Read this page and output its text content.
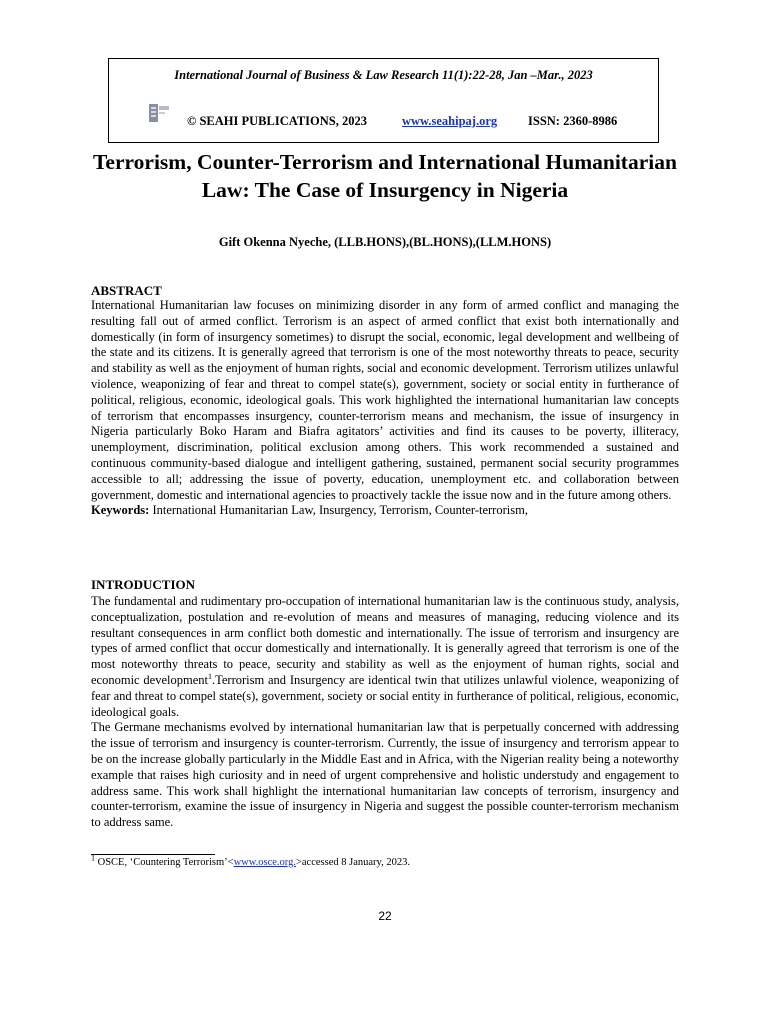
International Journal of Business & Law Research 11(1):22-28, Jan –Mar., 2023
© SEAHI PUBLICATIONS, 2023	www.seahipaj.org ISSN: 2360-8986
Terrorism, Counter-Terrorism and International Humanitarian Law: The Case of Insurgency in Nigeria
Gift Okenna Nyeche, (LLB.HONS),(BL.HONS),(LLM.HONS)
ABSTRACT
International Humanitarian law focuses on minimizing disorder in any form of armed conflict and managing the resulting fall out of armed conflict. Terrorism is an aspect of armed conflict that exist both internationally and domestically (in form of insurgency sometimes) to disrupt the social, economic, legal development and wellbeing of the state and its citizens. It is generally agreed that terrorism is one of the most noteworthy threats to peace, security and stability as well as the enjoyment of human rights, social and economic development. Terrorism utilizes unlawful violence, weaponizing of fear and threat to compel state(s), government, society or social entity in furtherance of political, religious, economic, ideological goals. This work highlighted the international humanitarian law concepts of terrorism that encompasses insurgency, counter-terrorism means and mechanism, the issue of insurgency in Nigeria particularly Boko Haram and Biafra agitators’ activities and find its causes to be poverty, illiteracy, unemployment, discrimination, political exclusion among others. This work recommended a sustained and continuous community-based dialogue and intelligent gathering, sustained, permanent social security programmes accessible to all; addressing the issue of poverty, education, unemployment etc. and collaboration between government, domestic and international agencies to proactively tackle the issue now and in the future among others.
Keywords: International Humanitarian Law, Insurgency, Terrorism, Counter-terrorism,
INTRODUCTION
The fundamental and rudimentary pro-occupation of international humanitarian law is the continuous study, analysis, conceptualization, postulation and re-evolution of means and measures of managing, reducing violence and its resultant consequences in arm conflict both domestic and internationally. The issue of terrorism and insurgency are types of armed conflict that occur domestically and internationally. It is generally agreed that terrorism is one of the most noteworthy threats to peace, security and stability as well as the enjoyment of human rights, social and economic development$^1$.Terrorism and Insurgency are identical twin that utilizes unlawful violence, weaponizing of fear and threat to compel state(s), government, society or social entity in furtherance of political, religious, economic, ideological goals.
The Germane mechanisms evolved by international humanitarian law that is perpetually concerned with addressing the issue of terrorism and insurgency is counter-terrorism. Currently, the issue of insurgency and terrorism appear to be on the increase globally particularly in the Middle East and in Africa, with the Nigerian reality being a noteworthy example that raises high curiosity and in need of urgent comprehensive and holistic understudy and engagement to address same. This work shall highlight the international humanitarian law concepts of terrorism, insurgency and counter-terrorism, examine the issue of insurgency in Nigeria and suggest the possible counter-terrorism mechanism to address same.
$^1$ OSCE, ‘Countering Terrorism’<www.osce.org.>accessed 8 January, 2023.
22
